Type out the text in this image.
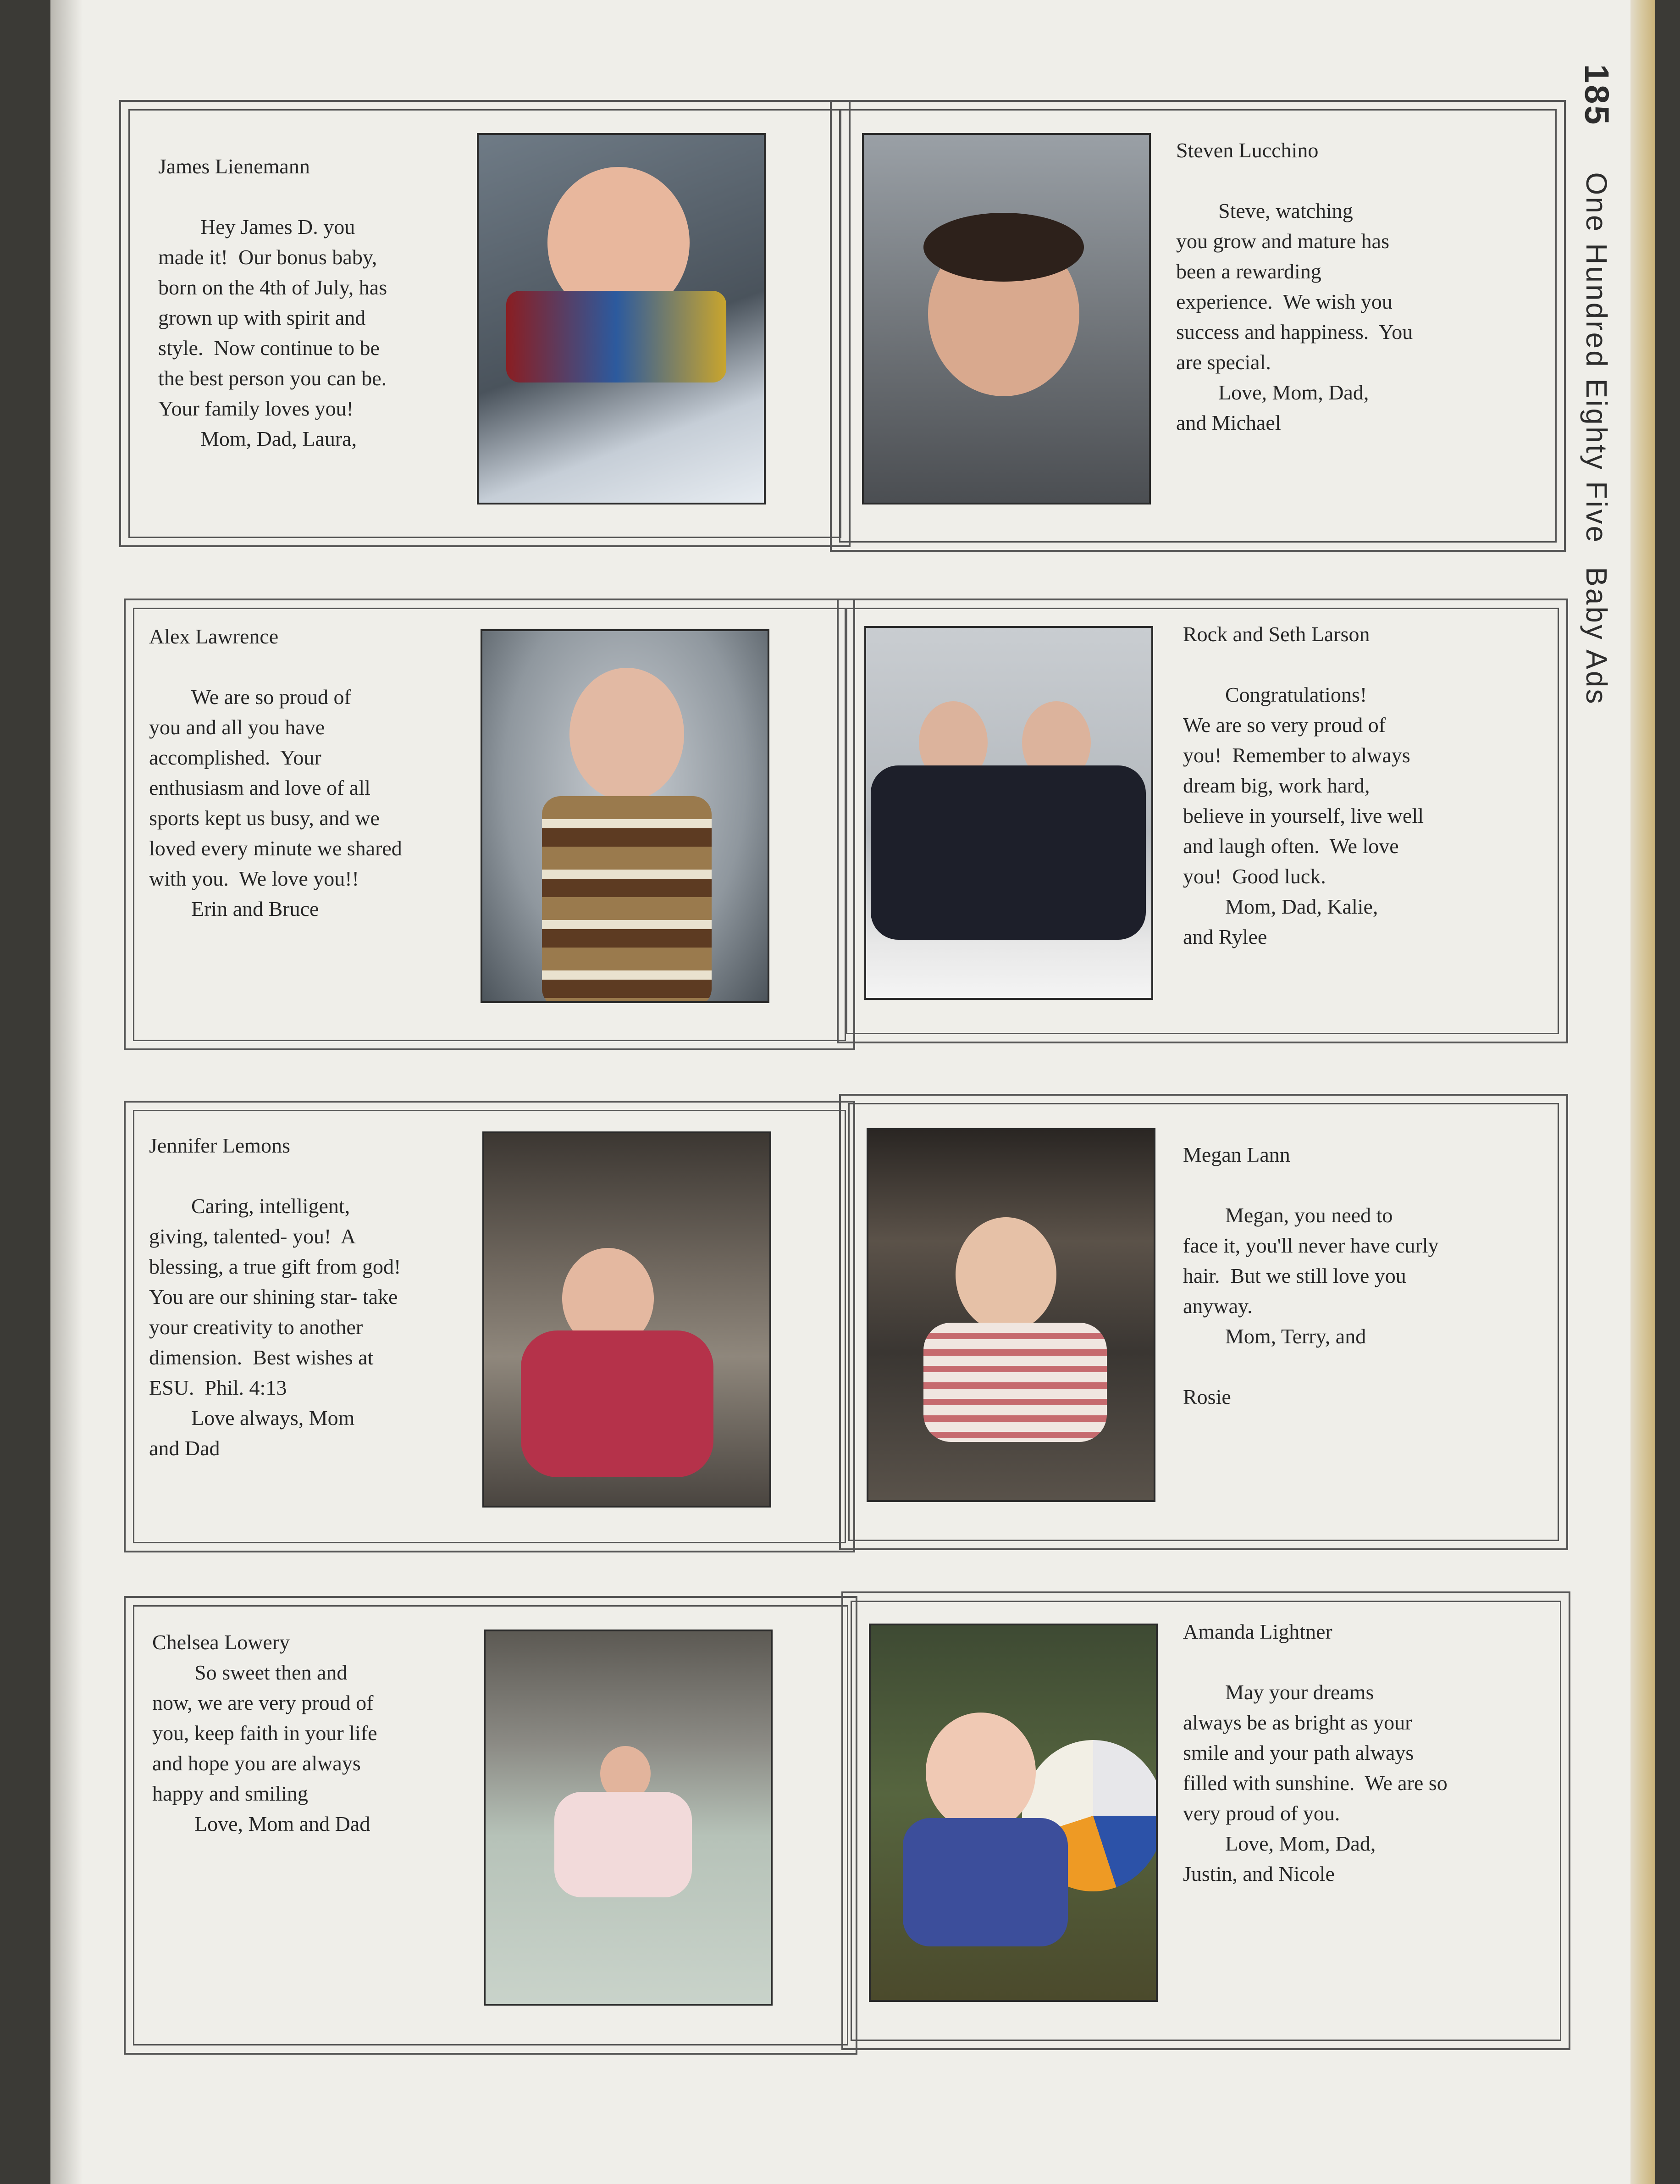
185One Hundred Eighty FiveBaby Ads
James Lienemann
		Hey James D. you
made it!  Our bonus baby,
born on the 4th of July, has
grown up with spirit and
style.  Now continue to be
the best person you can be.
Your family loves you!
		Mom, Dad, Laura,
Steven Lucchino
		Steve, watching
you grow and mature has
been a rewarding
experience.  We wish you
success and happiness.  You
are special.
		Love, Mom, Dad,
and Michael
Alex Lawrence
		We are so proud of
you and all you have
accomplished.  Your
enthusiasm and love of all
sports kept us busy, and we
loved every minute we shared
with you.  We love you!!
		Erin and Bruce
Rock and Seth Larson
		Congratulations!
We are so very proud of
you!  Remember to always
dream big, work hard,
believe in yourself, live well
and laugh often.  We love
you!  Good luck.
		Mom, Dad, Kalie,
and Rylee
Jennifer Lemons
		Caring, intelligent,
giving, talented- you!  A
blessing, a true gift from god!
You are our shining star- take
your creativity to another
dimension.  Best wishes at
ESU.  Phil. 4:13
		Love always, Mom
and Dad
Megan Lann
		Megan, you need to
face it, you'll never have curly
hair.  But we still love you
anyway.
		Mom, Terry, and

Rosie
Chelsea Lowery
		So sweet then and
now, we are very proud of
you, keep faith in your life
and hope you are always
happy and smiling
		Love, Mom and Dad
Amanda Lightner
		May your dreams
always be as bright as your
smile and your path always
filled with sunshine.  We are so
very proud of you.
		Love, Mom, Dad,
Justin, and Nicole
